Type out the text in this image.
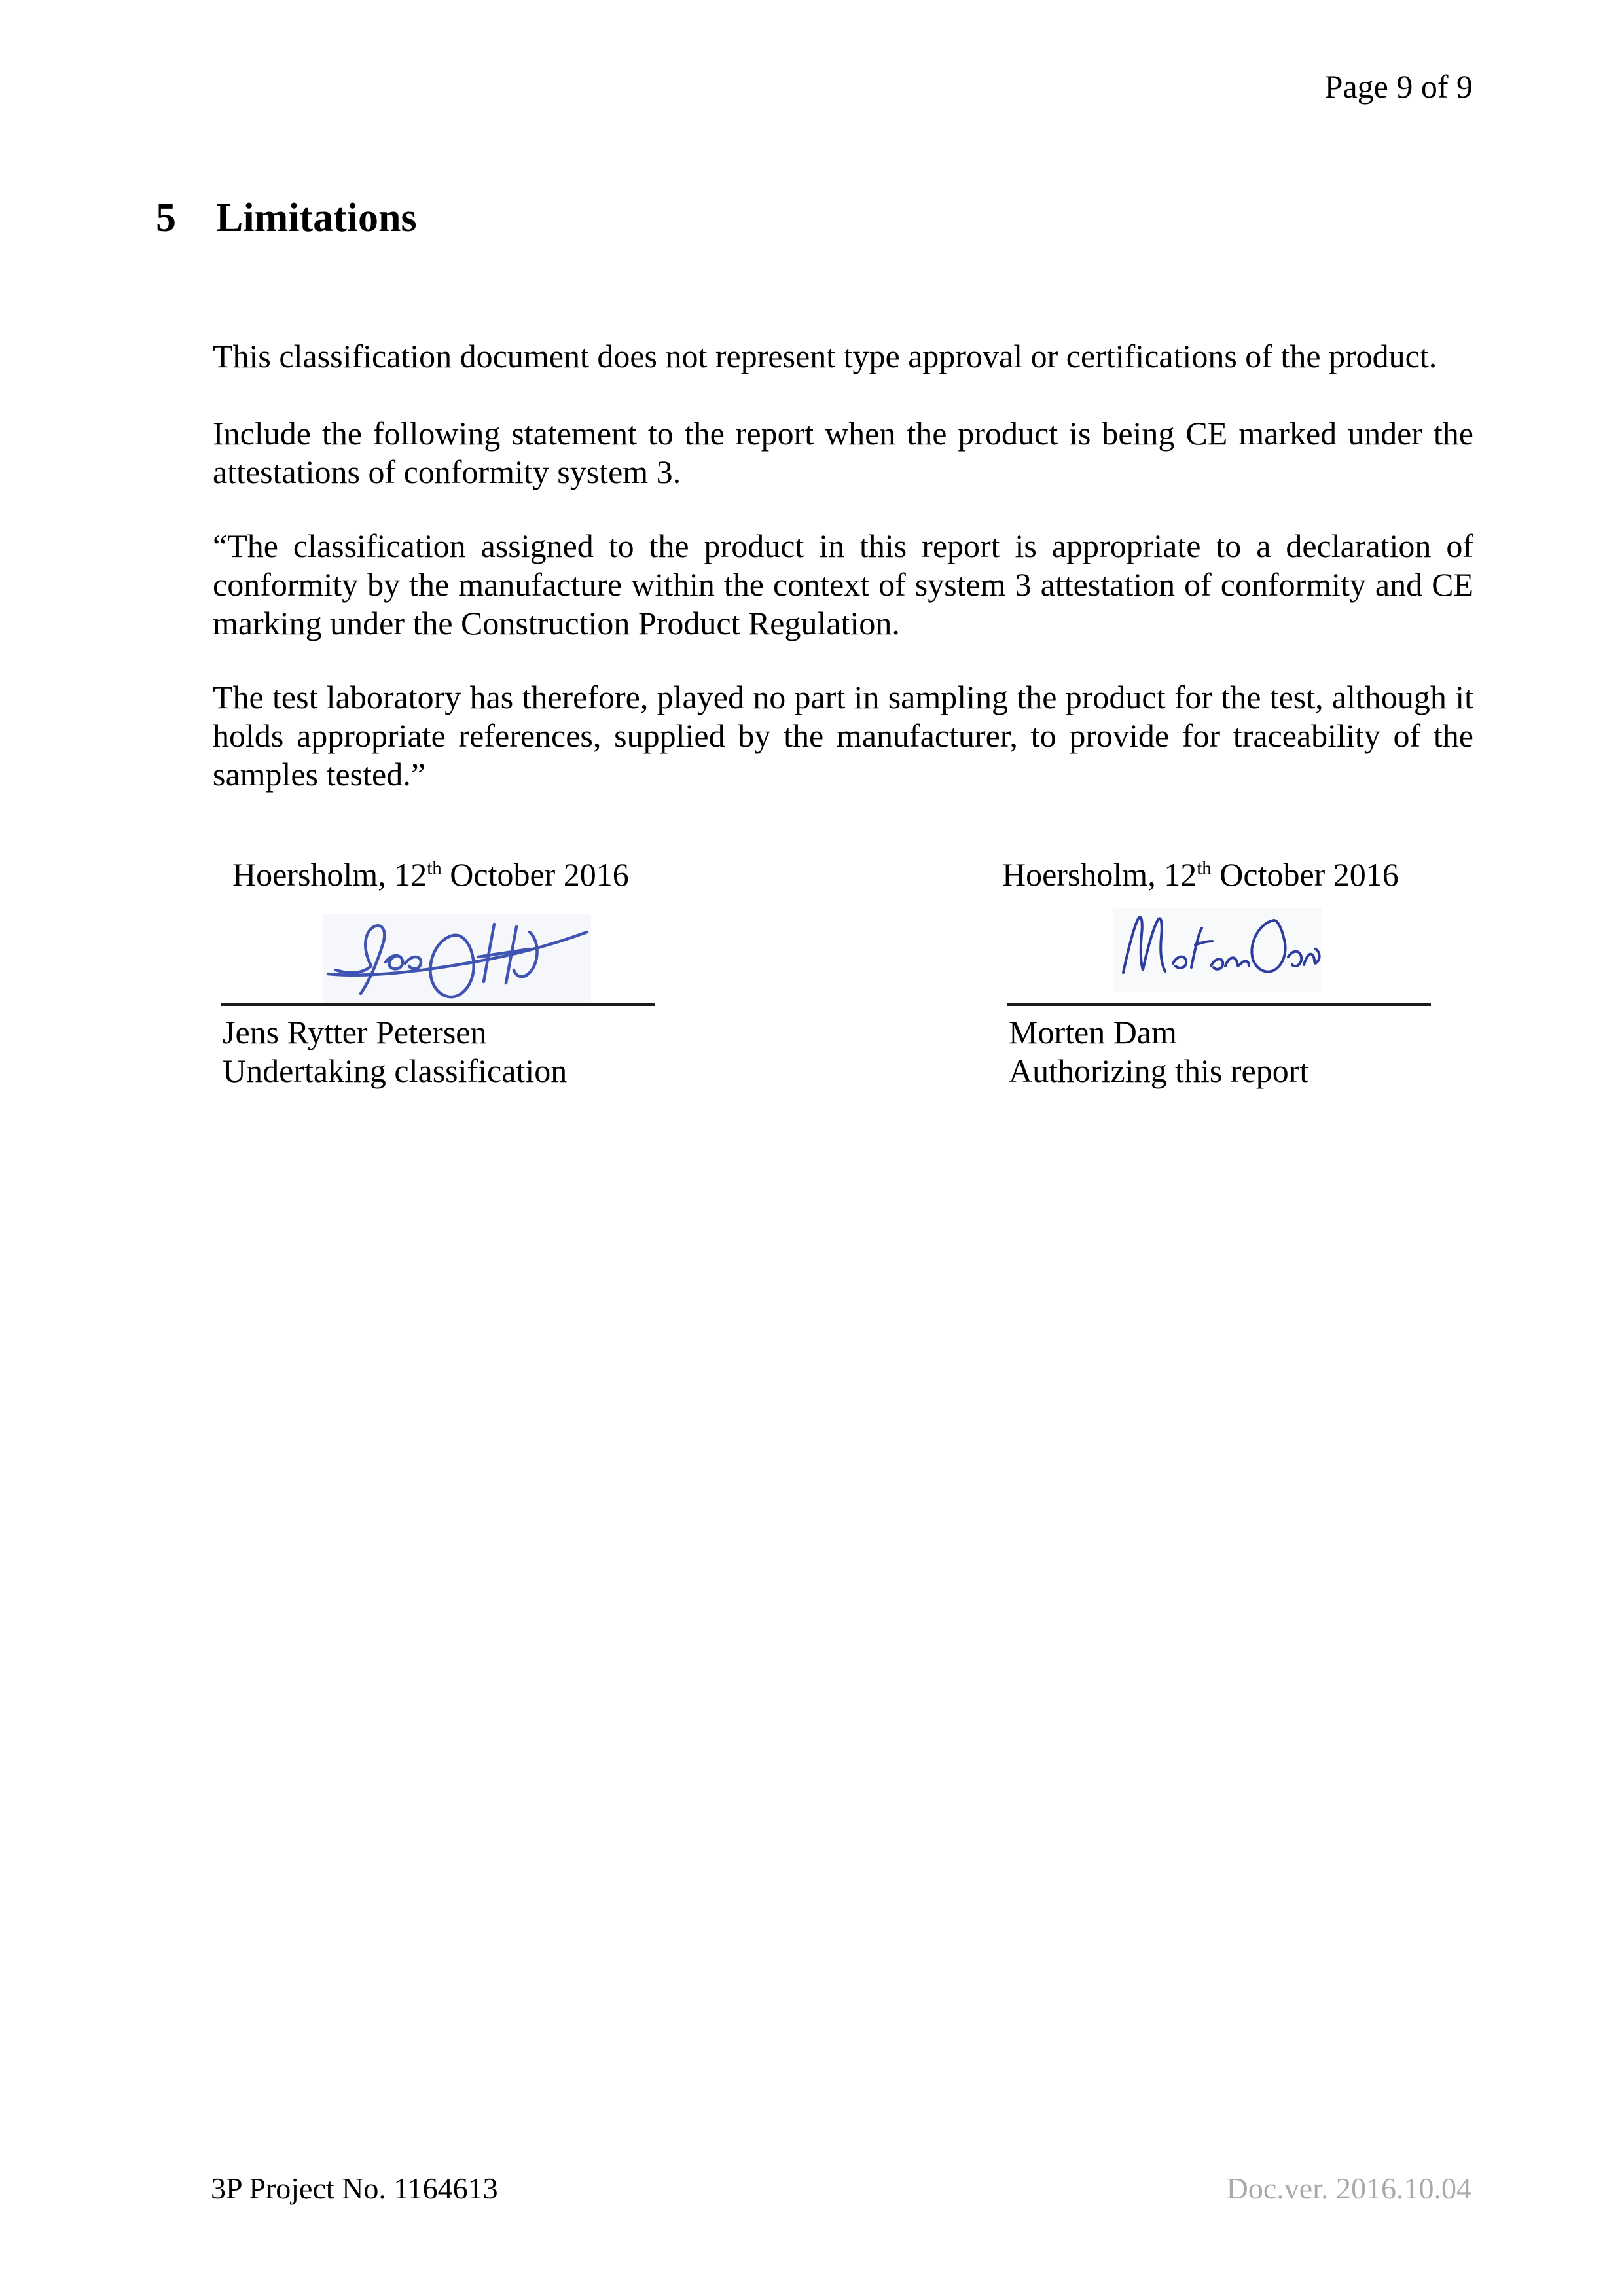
Page 9 of 9
5 Limitations
This classification document does not represent type approval or certifications of the product.
Include the following statement to the report when the product is being CE marked under the attestations of conformity system 3.
“The classification assigned to the product in this report is appropriate to a declaration of conformity by the manufacture within the context of system 3 attestation of conformity and CE marking under the Construction Product Regulation.
The test laboratory has therefore, played no part in sampling the product for the test, although it holds appropriate references, supplied by the manufacturer, to provide for traceability of the samples tested.”
Hoersholm, 12th October 2016
Jens Rytter Petersen
Undertaking classification
Hoersholm, 12th October 2016
Morten Dam
Authorizing this report
3P Project No. 1164613	Doc.ver. 2016.10.04
